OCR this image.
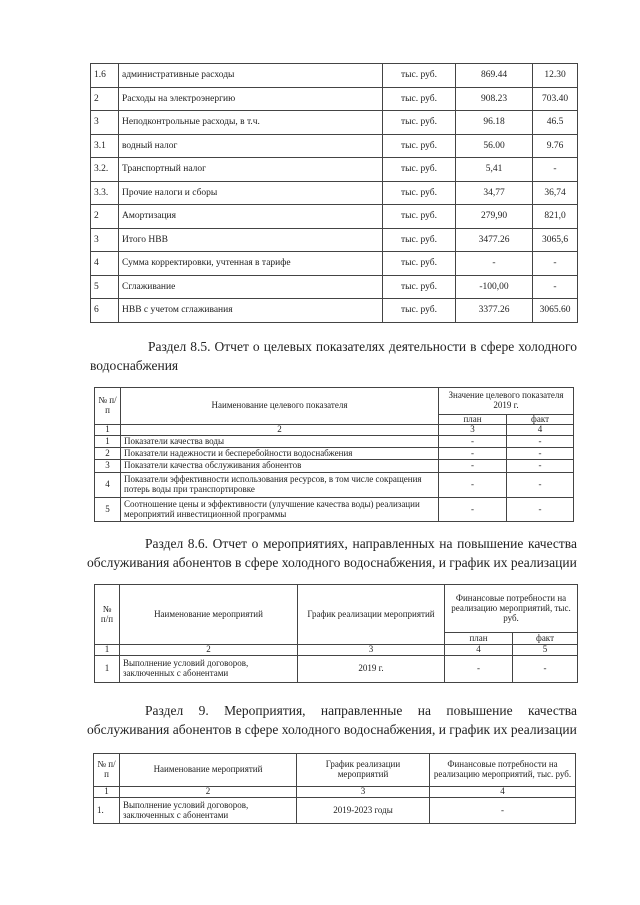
1.6	административные расходы	тыс. руб.	869.44	12.30
2	Расходы на электроэнергию	тыс. руб.	908.23	703.40
3	Неподконтрольные расходы, в т.ч.	тыс. руб.	96.18	46.5
3.1	водный налог	тыс. руб.	56.00	9.76
3.2.	Транспортный налог	тыс. руб.	5,41	-
3.3.	Прочие налоги и сборы	тыс. руб.	34,77	36,74
2	Амортизация	тыс. руб.	279,90	821,0
3	Итого НВВ	тыс. руб.	3477.26	3065,6
4	Сумма корректировки, учтенная в тарифе	тыс. руб.	-	-
5	Сглаживание	тыс. руб.	-100,00	-
6	НВВ с учетом сглаживания	тыс. руб.	3377.26	3065.60
Раздел 8.5. Отчет о целевых показателях деятельности в сфере холодного водоснабжения
№ п/п	Наименование целевого показателя	Значение целевого показателя 2019 г.	
		план	факт
1	2	3	4
1	Показатели качества воды	-	-
2	Показатели надежности и бесперебойности водоснабжения	-	-
3	Показатели качества обслуживания абонентов	-	-
4	Показатели эффективности использования ресурсов, в том числе сокращения потерь воды при транспортировке	-	-
5	Соотношение цены и эффективности (улучшение качества воды) реализации мероприятий инвестиционной программы	-	-
Раздел 8.6. Отчет о мероприятиях, направленных на повышение качества обслуживания абонентов в сфере холодного водоснабжения, и график их реализации
№ п/п	Наименование мероприятий	График реализации мероприятий	Финансовые потребности на реализацию мероприятий, тыс. руб.	
			план	факт
1	2	3	4	5
1	Выполнение условий договоров, заключенных с абонентами	2019 г.	-	-
Раздел 9. Мероприятия, направленные на повышение качества обслуживания абонентов в сфере холодного водоснабжения, и график их реализации
№ п/п	Наименование мероприятий	График реализации мероприятий	Финансовые потребности на реализацию мероприятий, тыс. руб.
1	2	3	4
1.	Выполнение условий договоров, заключенных с абонентами	2019-2023 годы	-
